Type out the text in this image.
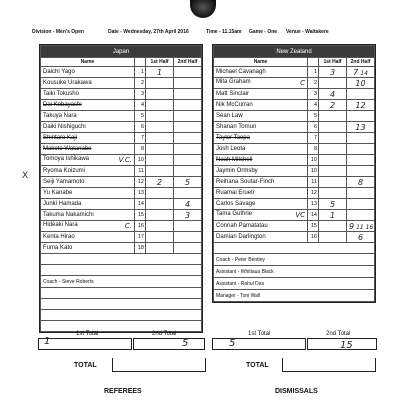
Division - Men's Open	Date - Wednesday, 27th April 2016	Time - 11.15am Game - One Venue - Waitakere
X
Japan			
Name		1st Half	2nd Half
Daichi Yago	1	1	
Kousuke Urakawa	2		
Taiki Tokusho	3		
Dai Kobayashi	4		
Takuya Nara	5		
Daiki Nishiguchi	6		
Shintaro Kaji	7		
Makoto Watanabe	8		
Tomoya Ishikawa V.C.	10		
Ryoma Koizumi	11		
Seiji Yamamoto	12	2	5
Yu Kanabe	13		
Junki Hamada	14		4
Takuma Nakamichi	15		3
Hideaki Nara C.	16		
Kenta Hirao	17		
Fuma Kato	18		

Coach - Steve Roberts			

New Zealand			
Name		1st Half	2nd Half
Michael Cavanagh	1	3	7 14
Mita Graham C	2		10
Matt Sinclair	3	4	
Nik McCurran	4	2	12
Sean Law	5		
Shanan Tomuri	6		13
Taylor Taepa	7		
Josh Leota	8		
Noah Mitchell	10		
Jaymin Ormsby	10		
Reihana Soutar-Finch	11		8
Ruamai Erueti	12		
Carlos Savage	13	5	
Tama Guthrie VC	14	1	
Connah Pamatatau	15		9 11 16
Damian Darlington	16		6

Coach - Peter Bentley			
Assistant - Whitiaua Black			
Assistant - Rahul Das			
Manager - Toni Wall			
1st Total	2nd Total
1	5
1st Total	2nd Total
5	15
TOTAL	TOTAL
REFEREES	DISMISSALS
